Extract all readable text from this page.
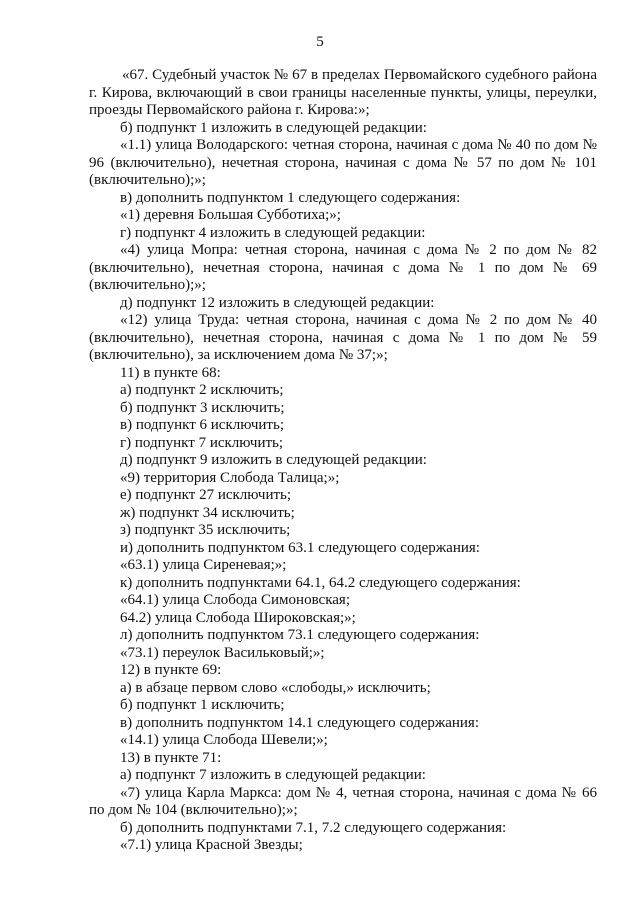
5

«67. Судебный участок № 67 в пределах Первомайского судебного района г. Кирова, включающий в свои границы населенные пункты, улицы, переулки, проезды Первомайского района г. Кирова:»;

б) подпункт 1 изложить в следующей редакции:

«1.1) улица Володарского: четная сторона, начиная с дома № 40 по дом № 96 (включительно), нечетная сторона, начиная с дома № 57 по дом № 101 (включительно);»;

в) дополнить подпунктом 1 следующего содержания:

«1) деревня Большая Субботиха;»;

г) подпункт 4 изложить в следующей редакции:

«4) улица Мопра: четная сторона, начиная с дома № 2 по дом № 82 (включительно), нечетная сторона, начиная с дома № 1 по дом № 69 (включительно);»;

д) подпункт 12 изложить в следующей редакции:

«12) улица Труда: четная сторона, начиная с дома № 2 по дом № 40 (включительно), нечетная сторона, начиная с дома № 1 по дом № 59 (включительно), за исключением дома № 37;»;

11) в пункте 68:

а) подпункт 2 исключить;

б) подпункт 3 исключить;

в) подпункт 6 исключить;

г) подпункт 7 исключить;

д) подпункт 9 изложить в следующей редакции:

«9) территория Слобода Талица;»;

е) подпункт 27 исключить;

ж) подпункт 34 исключить;

з) подпункт 35 исключить;

и) дополнить подпунктом 63.1 следующего содержания:

«63.1) улица Сиреневая;»;

к) дополнить подпунктами 64.1, 64.2 следующего содержания:

«64.1) улица Слобода Симоновская;

64.2) улица Слобода Широковская;»;

л) дополнить подпунктом 73.1 следующего содержания:

«73.1) переулок Васильковый;»;

12) в пункте 69:

а) в абзаце первом слово «слободы,» исключить;

б) подпункт 1 исключить;

в) дополнить подпунктом 14.1 следующего содержания:

«14.1) улица Слобода Шевели;»;

13) в пункте 71:

а) подпункт 7 изложить в следующей редакции:

«7) улица Карла Маркса: дом № 4, четная сторона, начиная с дома № 66 по дом № 104 (включительно);»;

б) дополнить подпунктами 7.1, 7.2 следующего содержания:

«7.1) улица Красной Звезды;
